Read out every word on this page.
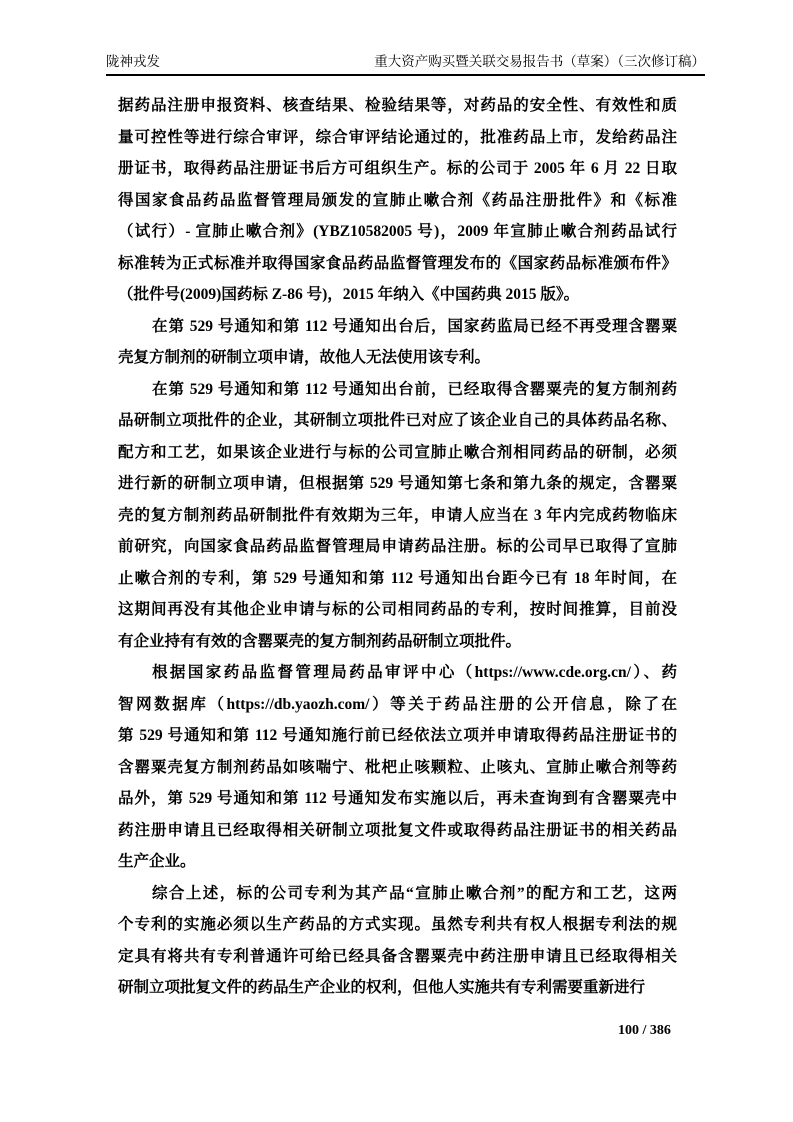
陇神戎发	重大资产购买暨关联交易报告书（草案）（三次修订稿）
据药品注册申报资料、核查结果、检验结果等，对药品的安全性、有效性和质
量可控性等进行综合审评，综合审评结论通过的，批准药品上市，发给药品注
册证书，取得药品注册证书后方可组织生产。标的公司于 2005 年 6 月 22 日取
得国家食品药品监督管理局颁发的宣肺止嗽合剂《药品注册批件》和《标准
（试行）- 宣肺止嗽合剂》(YBZ10582005 号)，2009 年宣肺止嗽合剂药品试行
标准转为正式标准并取得国家食品药品监督管理发布的《国家药品标准颁布件》
（批件号(2009)国药标 Z-86 号)，2015 年纳入《中国药典 2015 版》。
在第 529 号通知和第 112 号通知出台后，国家药监局已经不再受理含罂粟
壳复方制剂的研制立项申请，故他人无法使用该专利。
在第 529 号通知和第 112 号通知出台前，已经取得含罂粟壳的复方制剂药
品研制立项批件的企业，其研制立项批件已对应了该企业自己的具体药品名称、
配方和工艺，如果该企业进行与标的公司宣肺止嗽合剂相同药品的研制，必须
进行新的研制立项申请，但根据第 529 号通知第七条和第九条的规定，含罂粟
壳的复方制剂药品研制批件有效期为三年，申请人应当在 3 年内完成药物临床
前研究，向国家食品药品监督管理局申请药品注册。标的公司早已取得了宣肺
止嗽合剂的专利，第 529 号通知和第 112 号通知出台距今已有 18 年时间，在
这期间再没有其他企业申请与标的公司相同药品的专利，按时间推算，目前没
有企业持有有效的含罂粟壳的复方制剂药品研制立项批件。
根据国家药品监督管理局药品审评中心（https://www.cde.org.cn/）、药
智网数据库（https://db.yaozh.com/）等关于药品注册的公开信息，除了在
第 529 号通知和第 112 号通知施行前已经依法立项并申请取得药品注册证书的
含罂粟壳复方制剂药品如咳喘宁、枇杷止咳颗粒、止咳丸、宣肺止嗽合剂等药
品外，第 529 号通知和第 112 号通知发布实施以后，再未查询到有含罂粟壳中
药注册申请且已经取得相关研制立项批复文件或取得药品注册证书的相关药品
生产企业。
综合上述，标的公司专利为其产品“宣肺止嗽合剂”的配方和工艺，这两
个专利的实施必须以生产药品的方式实现。虽然专利共有权人根据专利法的规
定具有将共有专利普通许可给已经具备含罂粟壳中药注册申请且已经取得相关
研制立项批复文件的药品生产企业的权利，但他人实施共有专利需要重新进行
100 / 386
